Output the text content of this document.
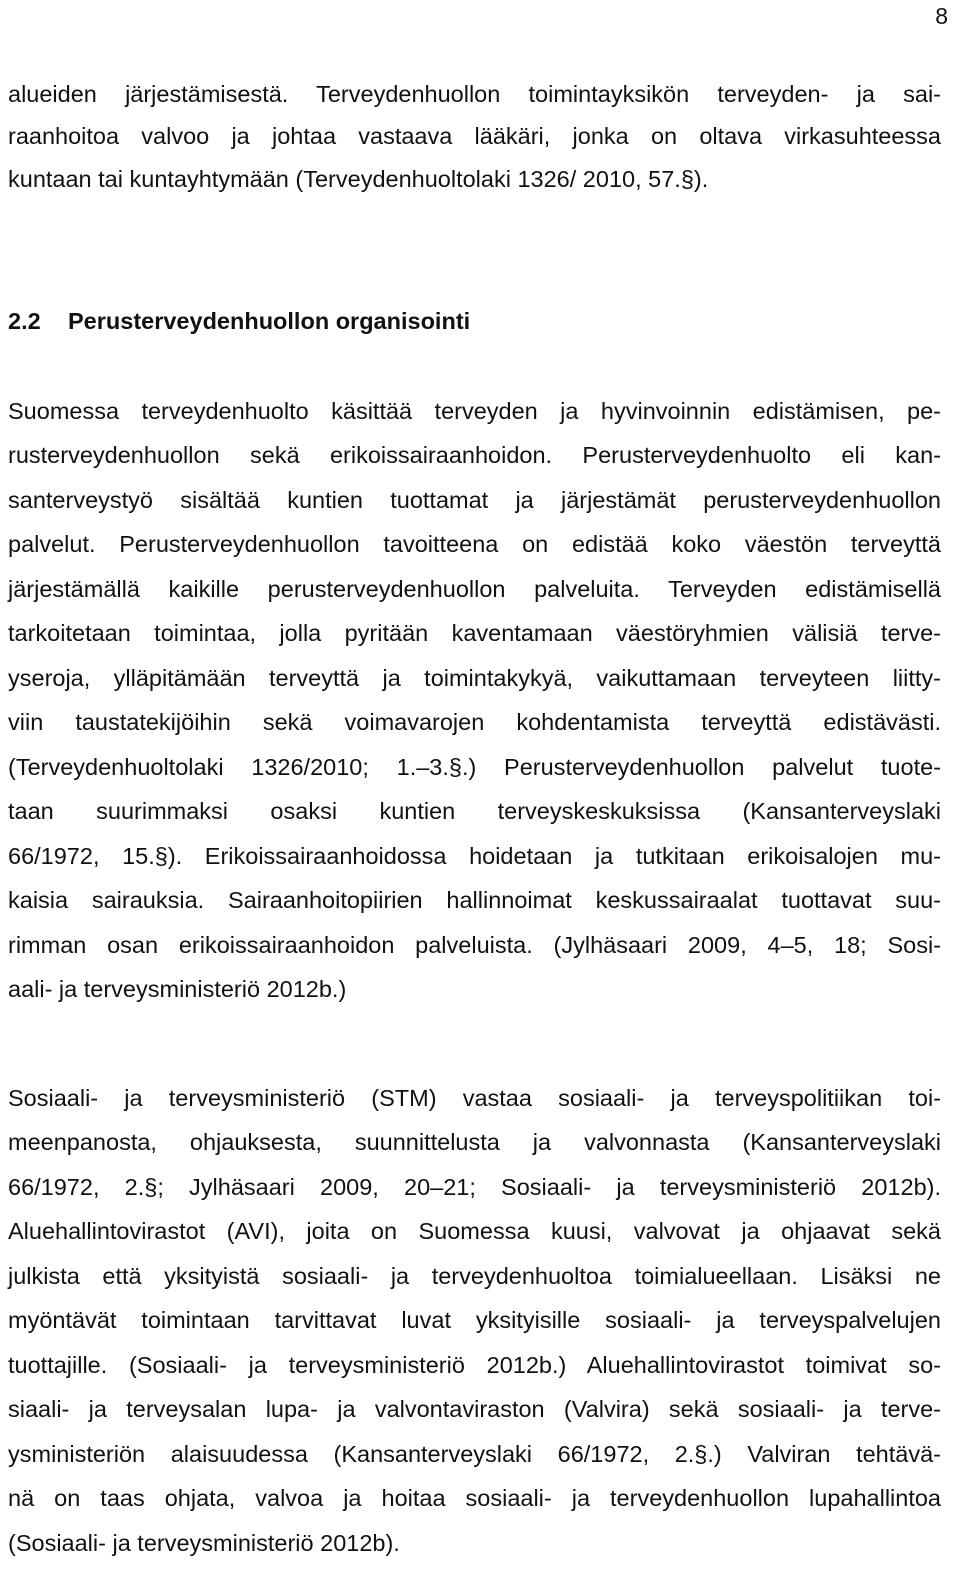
8
alueiden järjestämisestä. Terveydenhuollon toimintayksikön terveyden- ja sai-
raanhoitoa valvoo ja johtaa vastaava lääkäri, jonka on oltava virkasuhteessa
kuntaan tai kuntayhtymään (Terveydenhuoltolaki 1326/ 2010, 57.§).
2.2 Perusterveydenhuollon organisointi
Suomessa terveydenhuolto käsittää terveyden ja hyvinvoinnin edistämisen, pe-
rusterveydenhuollon sekä erikoissairaanhoidon. Perusterveydenhuolto eli kan-
santerveystyö sisältää kuntien tuottamat ja järjestämät perusterveydenhuollon
palvelut. Perusterveydenhuollon tavoitteena on edistää koko väestön terveyttä
järjestämällä kaikille perusterveydenhuollon palveluita. Terveyden edistämisellä
tarkoitetaan toimintaa, jolla pyritään kaventamaan väestöryhmien välisiä terve-
yseroja, ylläpitämään terveyttä ja toimintakykyä, vaikuttamaan terveyteen liitty-
viin taustatekijöihin sekä voimavarojen kohdentamista terveyttä edistävästi.
(Terveydenhuoltolaki 1326/2010; 1.–3.§.) Perusterveydenhuollon palvelut tuote-
taan suurimmaksi osaksi kuntien terveyskeskuksissa (Kansanterveyslaki
66/1972, 15.§). Erikoissairaanhoidossa hoidetaan ja tutkitaan erikoisalojen mu-
kaisia sairauksia. Sairaanhoitopiirien hallinnoimat keskussairaalat tuottavat suu-
rimman osan erikoissairaanhoidon palveluista. (Jylhäsaari 2009, 4–5, 18; Sosi-
aali- ja terveysministeriö 2012b.)
Sosiaali- ja terveysministeriö (STM) vastaa sosiaali- ja terveyspolitiikan toi-
meenpanosta, ohjauksesta, suunnittelusta ja valvonnasta (Kansanterveyslaki
66/1972, 2.§; Jylhäsaari 2009, 20–21; Sosiaali- ja terveysministeriö 2012b).
Aluehallintovirastot (AVI), joita on Suomessa kuusi, valvovat ja ohjaavat sekä
julkista että yksityistä sosiaali- ja terveydenhuoltoa toimialueellaan. Lisäksi ne
myöntävät toimintaan tarvittavat luvat yksityisille sosiaali- ja terveyspalvelujen
tuottajille. (Sosiaali- ja terveysministeriö 2012b.) Aluehallintovirastot toimivat so-
siaali- ja terveysalan lupa- ja valvontaviraston (Valvira) sekä sosiaali- ja terve-
ysministeriön alaisuudessa (Kansanterveyslaki 66/1972, 2.§.) Valviran tehtävä-
nä on taas ohjata, valvoa ja hoitaa sosiaali- ja terveydenhuollon lupahallintoa
(Sosiaali- ja terveysministeriö 2012b).
